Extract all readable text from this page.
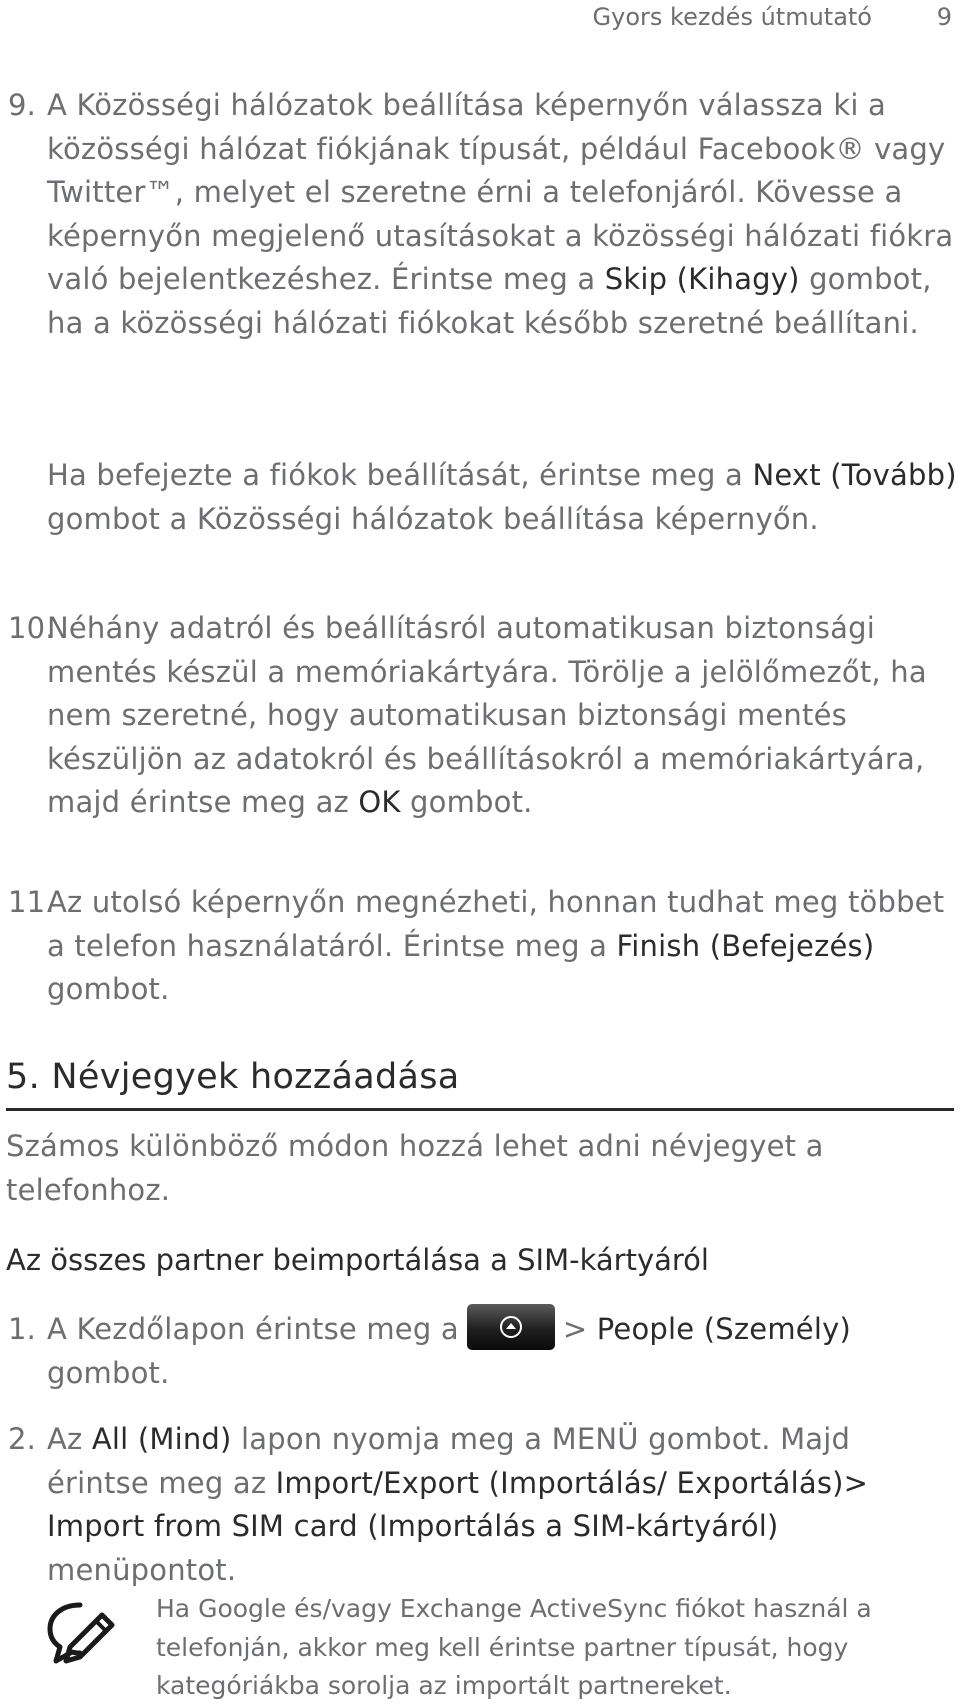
Gyors kezdés útmutató	9
9. A Közösségi hálózatok beállítása képernyőn válassza ki a közösségi hálózat fiókjának típusát, például Facebook® vagy Twitter™, melyet el szeretne érni a telefonjáról. Kövesse a képernyőn megjelenő utasításokat a közösségi hálózati fiókra való bejelentkezéshez. Érintse meg a Skip (Kihagy) gombot, ha a közösségi hálózati fiókokat később szeretné beállítani.
Ha befejezte a fiókok beállítását, érintse meg a Next (Tovább) gombot a Közösségi hálózatok beállítása képernyőn.
10.
Néhány adatról és beállításról automatikusan biztonsági mentés készül a memóriakártyára. Törölje a jelölőmezőt, ha nem szeretné, hogy automatikusan biztonsági mentés készüljön az adatokról és beállításokról a memóriakártyára, majd érintse meg az OK gombot.
11.
Az utolsó képernyőn megnézheti, honnan tudhat meg többet a telefon használatáról. Érintse meg a Finish (Befejezés) gombot.
5. Névjegyek hozzáadása
Számos különböző módon hozzá lehet adni névjegyet a telefonhoz.
Az összes partner beimportálása a SIM-kártyáról
1. A Kezdőlapon érintse meg a	> People (Személy) gombot.
2. Az All (Mind) lapon nyomja meg a MENÜ gombot. Majd érintse meg az Import/Export (Importálás/ Exportálás)> Import from SIM card (Importálás a SIM-kártyáról) menüpontot.
Ha Google és/vagy Exchange ActiveSync fiókot használ a telefonján, akkor meg kell érintse partner típusát, hogy kategóriákba sorolja az importált partnereket.
